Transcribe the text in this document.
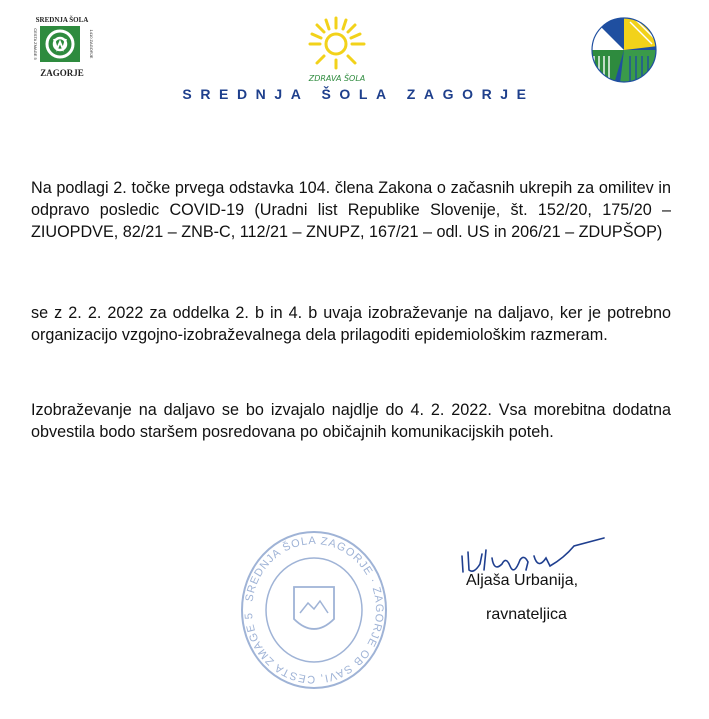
SREDNJA ŠOLA
ZAGORJE
CESTA ZMAGE 5	1410 ZAGORJE
ZDRAVA ŠOLA
SREDNJA ŠOLA ZAGORJE

Na podlagi 2. točke prvega odstavka 104. člena Zakona o začasnih ukrepih za omilitev in odpravo posledic COVID-19 (Uradni list Republike Slovenije, št. 152/20, 175/20 – ZIUOPDVE, 82/21 – ZNB-C, 112/21 – ZNUPZ, 167/21 – odl. US in 206/21 – ZDUPŠOP)

se z 2. 2. 2022 za oddelka 2. b in 4. b uvaja izobraževanje na daljavo, ker je potrebno organizacijo vzgojno-izobraževalnega dela prilagoditi epidemiološkim razmeram.

Izobraževanje na daljavo se bo izvajalo najdlje do 4. 2. 2022. Vsa morebitna dodatna obvestila bodo staršem posredovana po običajnih komunikacijskih poteh.

SREDNJA ŠOLA ZAGORJE · ZAGORJE OB SAVI, CESTA ZMAGE 5

Aljaša Urbanija,

ravnateljica
